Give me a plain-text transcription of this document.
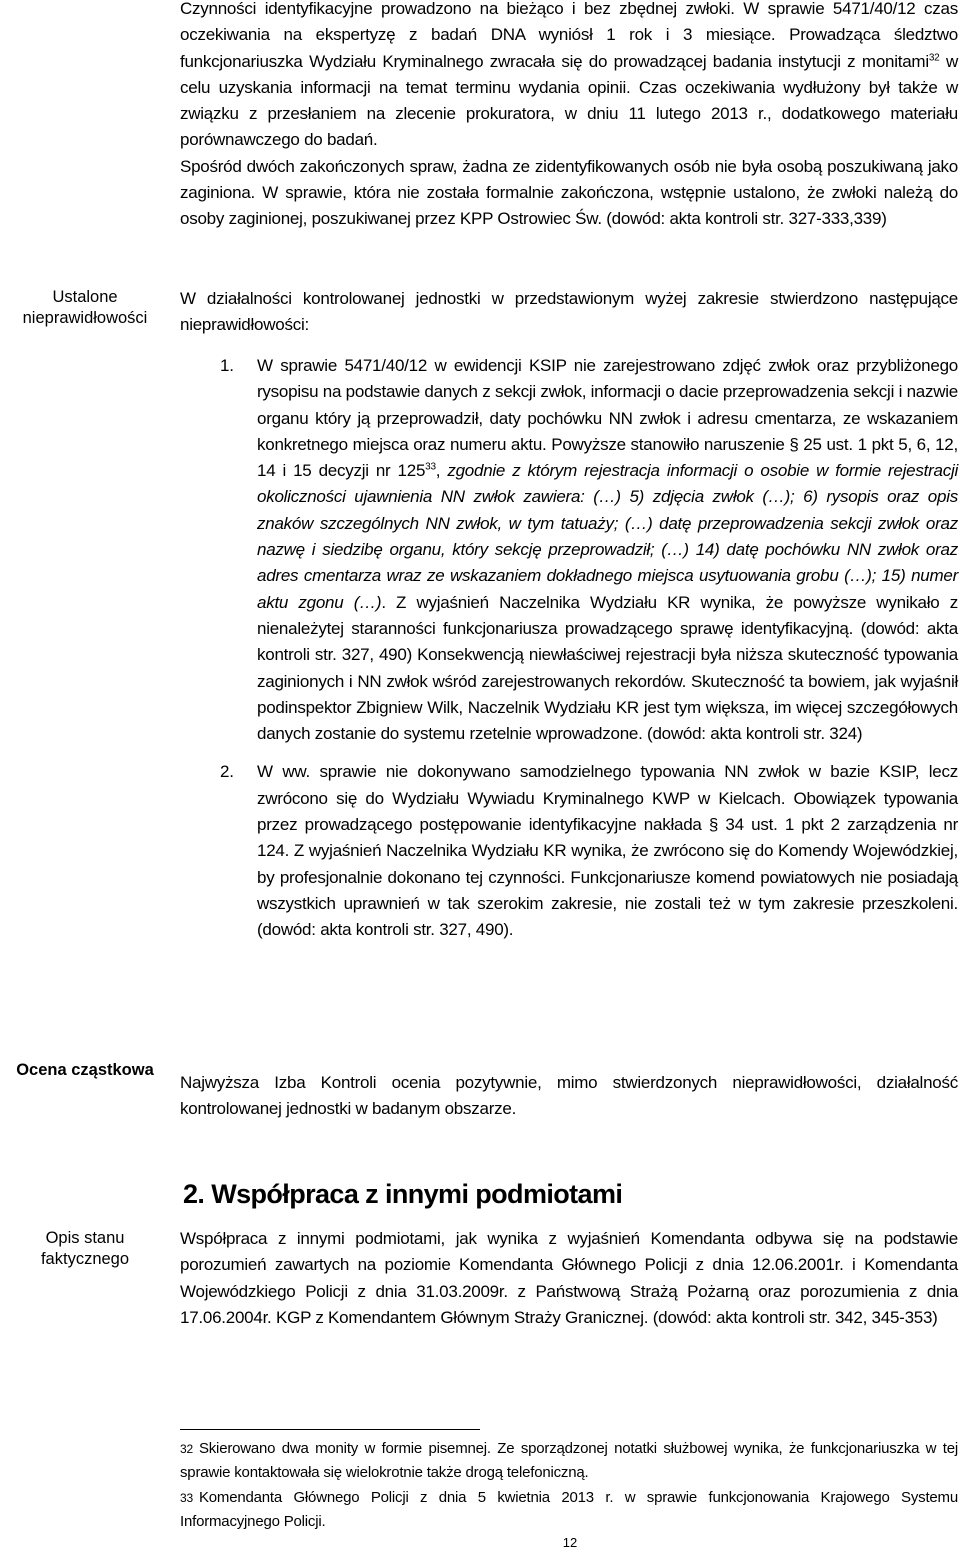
Czynności identyfikacyjne prowadzono na bieżąco i bez zbędnej zwłoki. W sprawie 5471/40/12 czas oczekiwania na ekspertyzę z badań DNA wyniósł 1 rok i 3 miesiące. Prowadząca śledztwo funkcjonariuszka Wydziału Kryminalnego zwracała się do prowadzącej badania instytucji z monitami$^{32}$ w celu uzyskania informacji na temat terminu wydania opinii. Czas oczekiwania wydłużony był także w związku z przesłaniem na zlecenie prokuratora, w dniu 11 lutego 2013 r., dodatkowego materiału porównawczego do badań.

Spośród dwóch zakończonych spraw, żadna ze zidentyfikowanych osób nie była osobą poszukiwaną jako zaginiona. W sprawie, która nie została formalnie zakończona, wstępnie ustalono, że zwłoki należą do osoby zaginionej, poszukiwanej przez KPP Ostrowiec Św. (dowód: akta kontroli str. 327-333,339)

Ustalone nieprawidłowości
Ocena cząstkowa
Opis stanu faktycznego
W działalności kontrolowanej jednostki w przedstawionym wyżej zakresie stwierdzono następujące nieprawidłowości:
1. W sprawie 5471/40/12 w ewidencji KSIP nie zarejestrowano zdjęć zwłok oraz przybliżonego rysopisu na podstawie danych z sekcji zwłok, informacji o dacie przeprowadzenia sekcji i nazwie organu który ją przeprowadził, daty pochówku NN zwłok i adresu cmentarza, ze wskazaniem konkretnego miejsca oraz numeru aktu. Powyższe stanowiło naruszenie § 25 ust. 1 pkt 5, 6, 12, 14 i 15 decyzji nr $125^{33}$, zgodnie z którym rejestracja informacji o osobie w formie rejestracji okoliczności ujawnienia NN zwłok zawiera: (…) 5) zdjęcia zwłok (…); 6) rysopis oraz opis znaków szczególnych NN zwłok, w tym tatuaży; (…) datę przeprowadzenia sekcji zwłok oraz nazwę i siedzibę organu, który sekcję przeprowadził; (…) 14) datę pochówku NN zwłok oraz adres cmentarza wraz ze wskazaniem dokładnego miejsca usytuowania grobu (…); 15) numer aktu zgonu (…). Z wyjaśnień Naczelnika Wydziału KR wynika, że powyższe wynikało z nienależytej staranności funkcjonariusza prowadzącego sprawę identyfikacyjną. (dowód: akta kontroli str. 327, 490) Konsekwencją niewłaściwej rejestracji była niższa skuteczność typowania zaginionych i NN zwłok wśród zarejestrowanych rekordów. Skuteczność ta bowiem, jak wyjaśnił podinspektor Zbigniew Wilk, Naczelnik Wydziału KR jest tym większa, im więcej szczegółowych danych zostanie do systemu rzetelnie wprowadzone. (dowód: akta kontroli str. 324)
2. W ww. sprawie nie dokonywano samodzielnego typowania NN zwłok w bazie KSIP, lecz zwrócono się do Wydziału Wywiadu Kryminalnego KWP w Kielcach. Obowiązek typowania przez prowadzącego postępowanie identyfikacyjne nakłada § 34 ust. 1 pkt 2 zarządzenia nr 124. Z wyjaśnień Naczelnika Wydziału KR wynika, że zwrócono się do Komendy Wojewódzkiej, by profesjonalnie dokonano tej czynności. Funkcjonariusze komend powiatowych nie posiadają wszystkich uprawnień w tak szerokim zakresie, nie zostali też w tym zakresie przeszkoleni. (dowód: akta kontroli str. 327, 490).
Najwyższa Izba Kontroli ocenia pozytywnie, mimo stwierdzonych nieprawidłowości, działalność kontrolowanej jednostki w badanym obszarze.
2. Współpraca z innymi podmiotami
Współpraca z innymi podmiotami, jak wynika z wyjaśnień Komendanta odbywa się na podstawie porozumień zawartych na poziomie Komendanta Głównego Policji z dnia 12.06.2001r. i Komendanta Wojewódzkiego Policji z dnia 31.03.2009r. z Państwową Strażą Pożarną oraz porozumienia z dnia 17.06.2004r. KGP z Komendantem Głównym Straży Granicznej. (dowód: akta kontroli str. 342, 345-353)
32 Skierowano dwa monity w formie pisemnej. Ze sporządzonej notatki służbowej wynika, że funkcjonariuszka w tej sprawie kontaktowała się wielokrotnie także drogą telefoniczną.
33 Komendanta Głównego Policji z dnia 5 kwietnia 2013 r. w sprawie funkcjonowania Krajowego Systemu Informacyjnego Policji.
12
